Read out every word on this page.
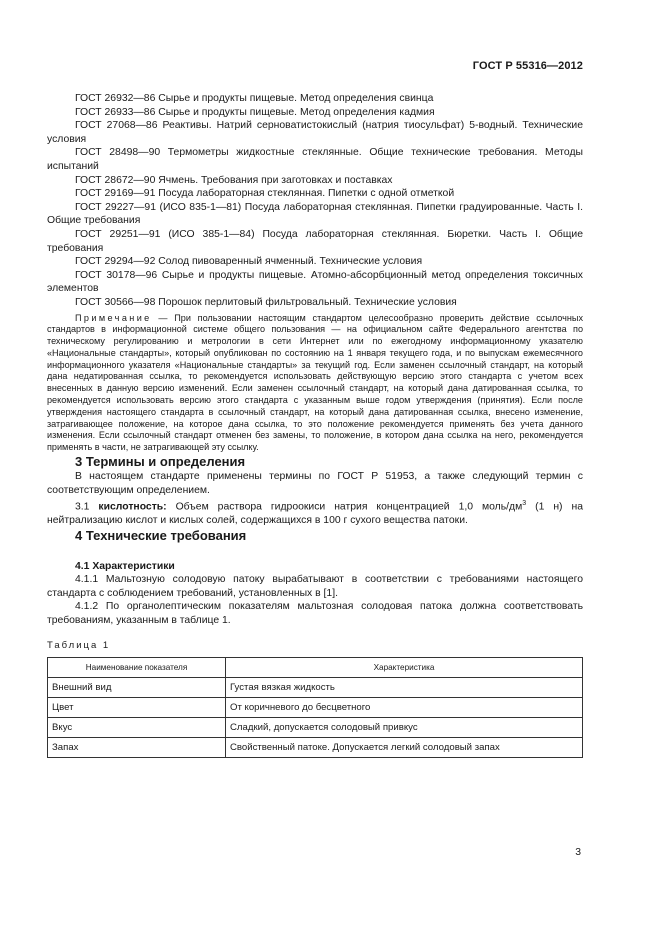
ГОСТ Р 55316—2012

ГОСТ 26932—86 Сырье и продукты пищевые. Метод определения свинца

ГОСТ 26933—86 Сырье и продукты пищевые. Метод определения кадмия

ГОСТ 27068—86 Реактивы. Натрий серноватистокислый (натрия тиосульфат) 5-водный. Технические условия

ГОСТ 28498—90 Термометры жидкостные стеклянные. Общие технические требования. Методы испытаний

ГОСТ 28672—90 Ячмень. Требования при заготовках и поставках

ГОСТ 29169—91 Посуда лабораторная стеклянная. Пипетки с одной отметкой

ГОСТ 29227—91 (ИСО 835-1—81) Посуда лабораторная стеклянная. Пипетки градуированные. Часть I. Общие требования

ГОСТ 29251—91 (ИСО 385-1—84) Посуда лабораторная стеклянная. Бюретки. Часть I. Общие требования

ГОСТ 29294—92 Солод пивоваренный ячменный. Технические условия

ГОСТ 30178—96 Сырье и продукты пищевые. Атомно-абсорбционный метод определения токсичных элементов

ГОСТ 30566—98 Порошок перлитовый фильтровальный. Технические условия

Примечание — При пользовании настоящим стандартом целесообразно проверить действие ссылочных стандартов в информационной системе общего пользования — на официальном сайте Федерального агентства по техническому регулированию и метрологии в сети Интернет или по ежегодному информационному указателю «Национальные стандарты», который опубликован по состоянию на 1 января текущего года, и по выпускам ежемесячного информационного указателя «Национальные стандарты» за текущий год. Если заменен ссылочный стандарт, на который дана недатированная ссылка, то рекомендуется использовать действующую версию этого стандарта с учетом всех внесенных в данную версию изменений. Если заменен ссылочный стандарт, на который дана датированная ссылка, то рекомендуется использовать версию этого стандарта с указанным выше годом утверждения (принятия). Если после утверждения настоящего стандарта в ссылочный стандарт, на который дана датированная ссылка, внесено изменение, затрагивающее положение, на которое дана ссылка, то это положение рекомендуется применять без учета данного изменения. Если ссылочный стандарт отменен без замены, то положение, в котором дана ссылка на него, рекомендуется применять в части, не затрагивающей эту ссылку.
3 Термины и определения

В настоящем стандарте применены термины по ГОСТ Р 51953, а также следующий термин с соответствующим определением.

3.1 кислотность: Объем раствора гидроокиси натрия концентрацией 1,0 моль/$дм^3$ (1 н) на нейтрализацию кислот и кислых солей, содержащихся в 100 г сухого вещества патоки.

4 Технические требования
4.1 Характеристики

4.1.1 Мальтозную солодовую патоку вырабатывают в соответствии с требованиями настоящего стандарта с соблюдением требований, установленных в [1].

4.1.2 По органолептическим показателям мальтозная солодовая патока должна соответствовать требованиям, указанным в таблице 1.

Таблица 1
Наименование показателя	Характеристика
Внешний вид	Густая вязкая жидкость
Цвет	От коричневого до бесцветного
Вкус	Сладкий, допускается солодовый привкус
Запах	Свойственный патоке. Допускается легкий солодовый запах
3
